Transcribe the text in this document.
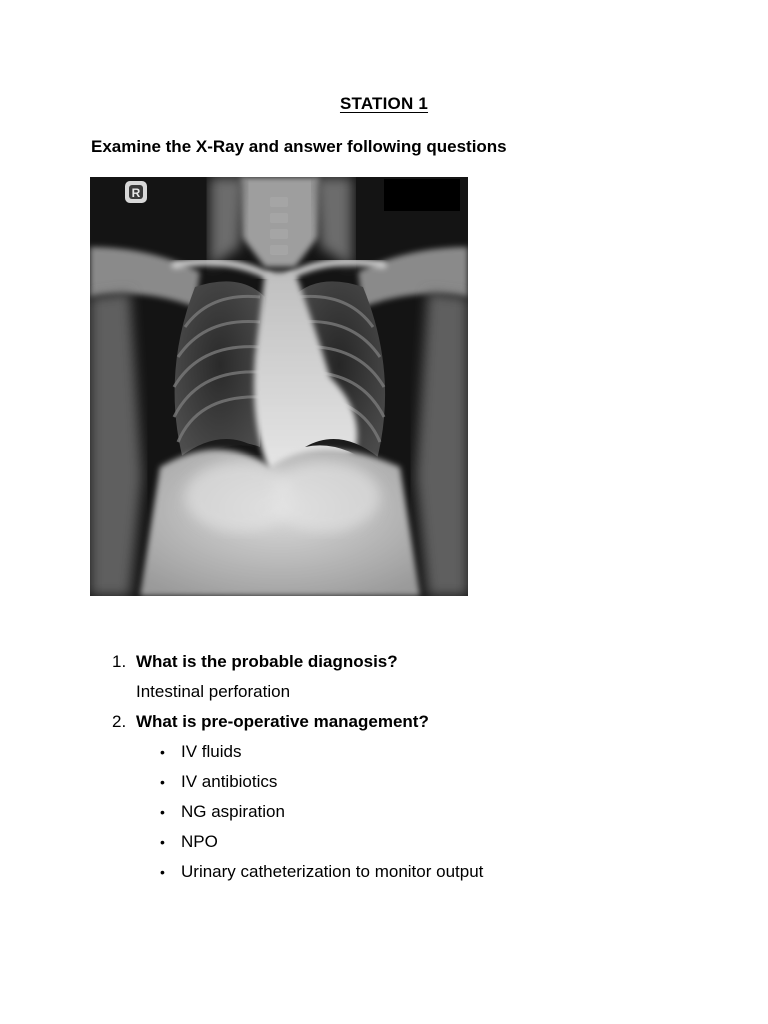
STATION 1
Examine the X-Ray and answer following questions
R
1. What is the probable diagnosis?
Intestinal perforation
2. What is pre-operative management?
• IV fluids
• IV antibiotics
• NG aspiration
• NPO
• Urinary catheterization to monitor output
